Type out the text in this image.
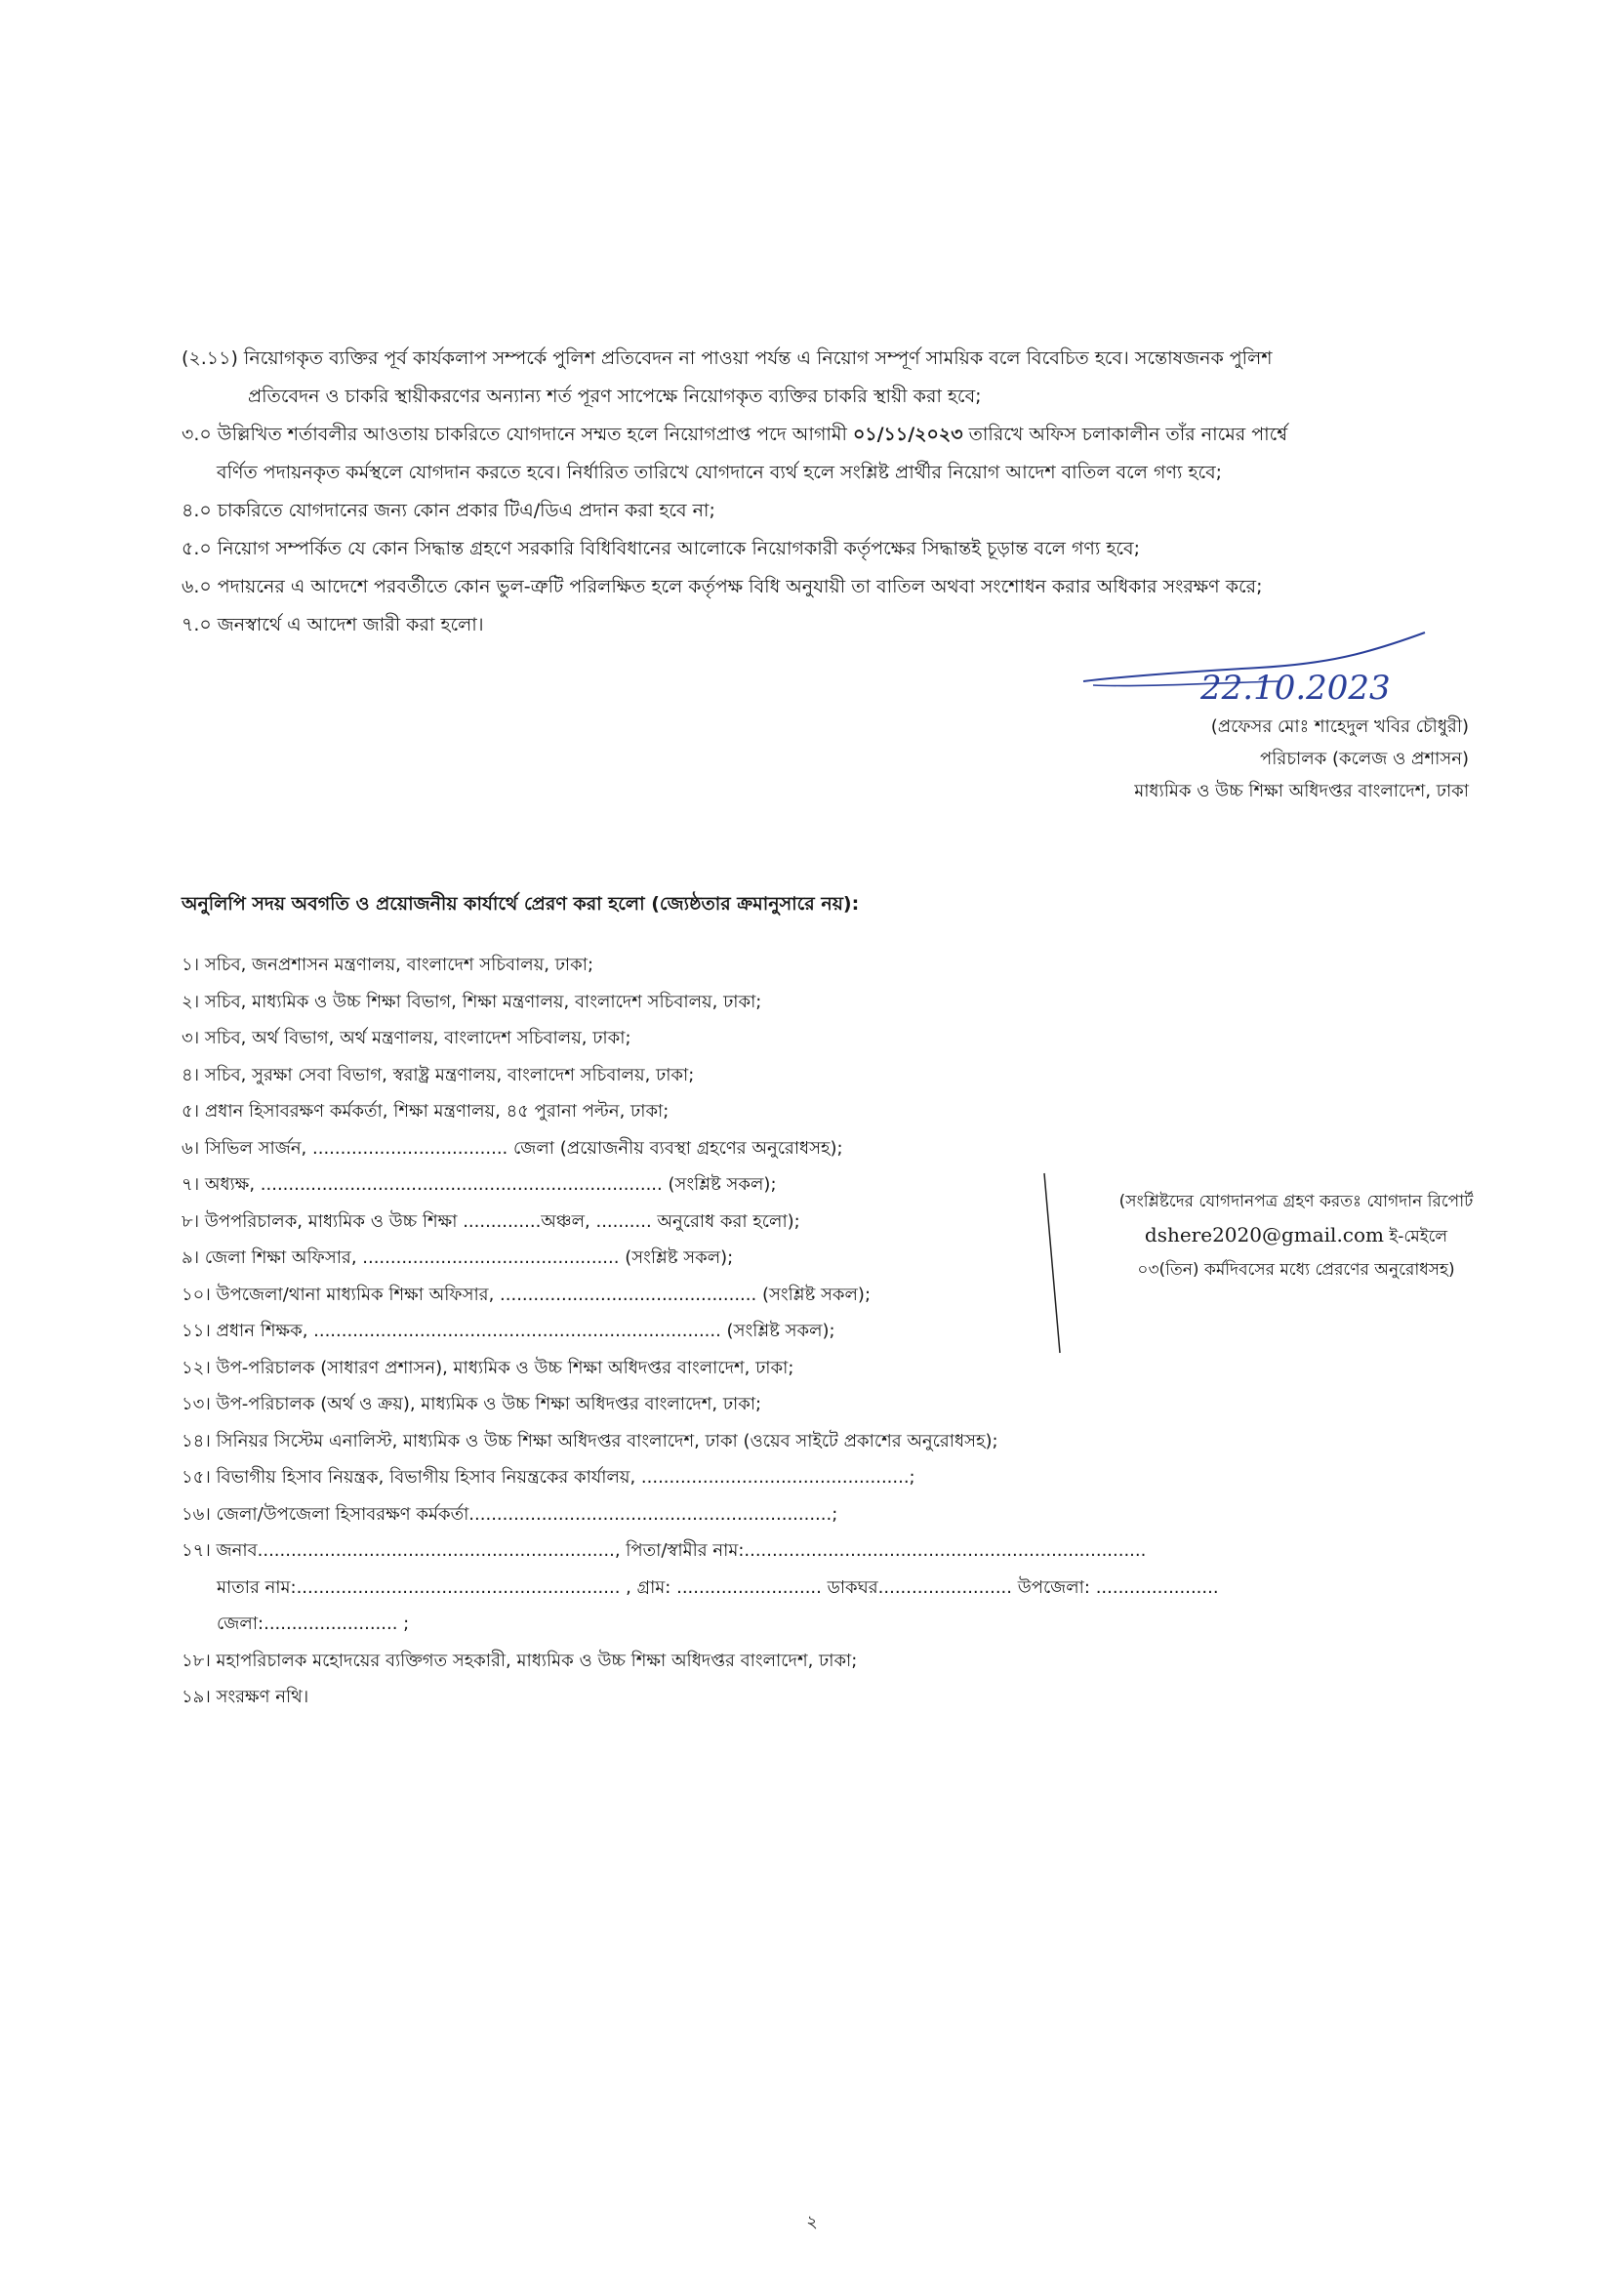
(২.১১) নিয়োগকৃত ব্যক্তির পূর্ব কার্যকলাপ সম্পর্কে পুলিশ প্রতিবেদন না পাওয়া পর্যন্ত এ নিয়োগ সম্পূর্ণ সাময়িক বলে বিবেচিত হবে। সন্তোষজনক পুলিশ
প্রতিবেদন ও চাকরি স্থায়ীকরণের অন্যান্য শর্ত পূরণ সাপেক্ষে নিয়োগকৃত ব্যক্তির চাকরি স্থায়ী করা হবে;
৩.০ উল্লিখিত শর্তাবলীর আওতায় চাকরিতে যোগদানে সম্মত হলে নিয়োগপ্রাপ্ত পদে আগামী ০১/১১/২০২৩ তারিখে অফিস চলাকালীন তাঁর নামের পার্শ্বে
বর্ণিত পদায়নকৃত কর্মস্থলে যোগদান করতে হবে। নির্ধারিত তারিখে যোগদানে ব্যর্থ হলে সংশ্লিষ্ট প্রার্থীর নিয়োগ আদেশ বাতিল বলে গণ্য হবে;
৪.০ চাকরিতে যোগদানের জন্য কোন প্রকার টিএ/ডিএ প্রদান করা হবে না;
৫.০ নিয়োগ সম্পর্কিত যে কোন সিদ্ধান্ত গ্রহণে সরকারি বিধিবিধানের আলোকে নিয়োগকারী কর্তৃপক্ষের সিদ্ধান্তই চূড়ান্ত বলে গণ্য হবে;
৬.০ পদায়নের এ আদেশে পরবর্তীতে কোন ভুল-ত্রুটি পরিলক্ষিত হলে কর্তৃপক্ষ বিধি অনুযায়ী তা বাতিল অথবা সংশোধন করার অধিকার সংরক্ষণ করে;
৭.০ জনস্বার্থে এ আদেশ জারী করা হলো।
22.10.2023
(প্রফেসর মোঃ শাহেদুল খবির চৌধুরী)
পরিচালক (কলেজ ও প্রশাসন)
মাধ্যমিক ও উচ্চ শিক্ষা অধিদপ্তর বাংলাদেশ, ঢাকা
অনুলিপি সদয় অবগতি ও প্রয়োজনীয় কার্যার্থে প্রেরণ করা হলো (জ্যেষ্ঠতার ক্রমানুসারে নয়):
১। সচিব, জনপ্রশাসন মন্ত্রণালয়, বাংলাদেশ সচিবালয়, ঢাকা;
২। সচিব, মাধ্যমিক ও উচ্চ শিক্ষা বিভাগ, শিক্ষা মন্ত্রণালয়, বাংলাদেশ সচিবালয়, ঢাকা;
৩। সচিব, অর্থ বিভাগ, অর্থ মন্ত্রণালয়, বাংলাদেশ সচিবালয়, ঢাকা;
৪। সচিব, সুরক্ষা সেবা বিভাগ, স্বরাষ্ট্র মন্ত্রণালয়, বাংলাদেশ সচিবালয়, ঢাকা;
৫। প্রধান হিসাবরক্ষণ কর্মকর্তা, শিক্ষা মন্ত্রণালয়, ৪৫ পুরানা পল্টন, ঢাকা;
৬। সিভিল সার্জন, ................................... জেলা (প্রয়োজনীয় ব্যবস্থা গ্রহণের অনুরোধসহ);
৭। অধ্যক্ষ, ........................................................................ (সংশ্লিষ্ট সকল);
৮। উপপরিচালক, মাধ্যমিক ও উচ্চ শিক্ষা ..............অঞ্চল, .......... অনুরোধ করা হলো);
৯। জেলা শিক্ষা অফিসার, .............................................. (সংশ্লিষ্ট সকল);
১০। উপজেলা/থানা মাধ্যমিক শিক্ষা অফিসার, .............................................. (সংশ্লিষ্ট সকল);
১১। প্রধান শিক্ষক, ......................................................................... (সংশ্লিষ্ট সকল);
১২। উপ-পরিচালক (সাধারণ প্রশাসন), মাধ্যমিক ও উচ্চ শিক্ষা অধিদপ্তর বাংলাদেশ, ঢাকা;
১৩। উপ-পরিচালক (অর্থ ও ক্রয়), মাধ্যমিক ও উচ্চ শিক্ষা অধিদপ্তর বাংলাদেশ, ঢাকা;
১৪। সিনিয়র সিস্টেম এনালিস্ট, মাধ্যমিক ও উচ্চ শিক্ষা অধিদপ্তর বাংলাদেশ, ঢাকা (ওয়েব সাইটে প্রকাশের অনুরোধসহ);
১৫। বিভাগীয় হিসাব নিয়ন্ত্রক, বিভাগীয় হিসাব নিয়ন্ত্রকের কার্যালয়, ................................................;
১৬। জেলা/উপজেলা হিসাবরক্ষণ কর্মকর্তা.................................................................;
১৭। জনাব................................................................, পিতা/স্বামীর নাম:........................................................................
মাতার নাম:.......................................................... , গ্রাম: .......................... ডাকঘর........................ উপজেলা: ......................
জেলা:........................ ;
১৮। মহাপরিচালক মহোদয়ের ব্যক্তিগত সহকারী, মাধ্যমিক ও উচ্চ শিক্ষা অধিদপ্তর বাংলাদেশ, ঢাকা;
১৯। সংরক্ষণ নথি।
(সংশ্লিষ্টদের যোগদানপত্র গ্রহণ করতঃ যোগদান রিপোর্ট
dshere2020@gmail.com ই-মেইলে
০৩(তিন) কর্মদিবসের মধ্যে প্রেরণের অনুরোধসহ)
২
